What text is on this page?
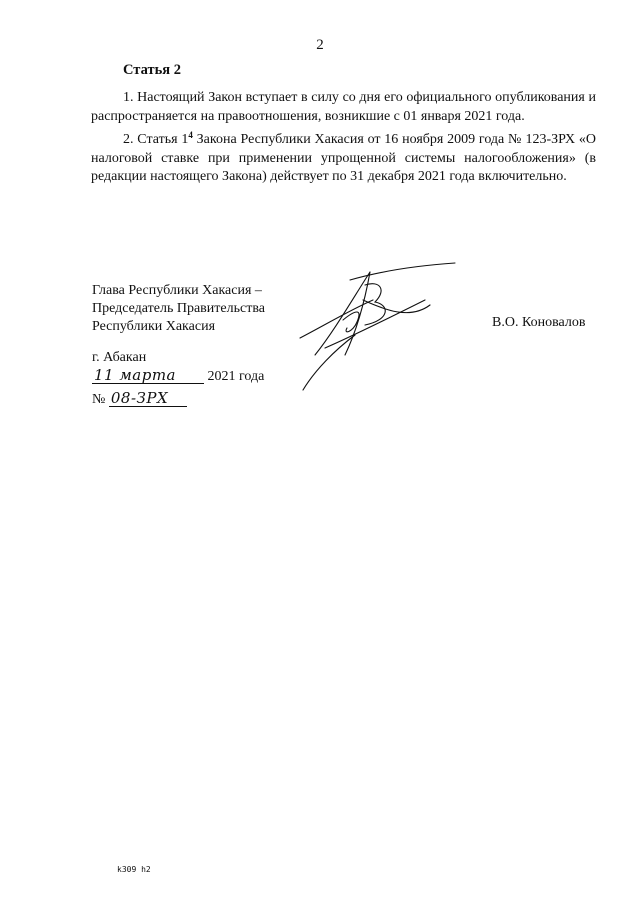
2
Статья 2

1. Настоящий Закон вступает в силу со дня его официального опубликования и распространяется на правоотношения, возникшие с 01 января 2021 года.

2. Статья $1^4$ Закона Республики Хакасия от 16 ноября 2009 года № 123-ЗРХ «О налоговой ставке при применении упрощенной системы налогообложения» (в редакции настоящего Закона) действует по 31 декабря 2021 года включительно.

Глава Республики Хакасия –
Председатель Правительства
Республики Хакасия	В.О. Коновалов
г. Абакан
11 марта 2021 года
№ 08-ЗРХ
k309 h2
